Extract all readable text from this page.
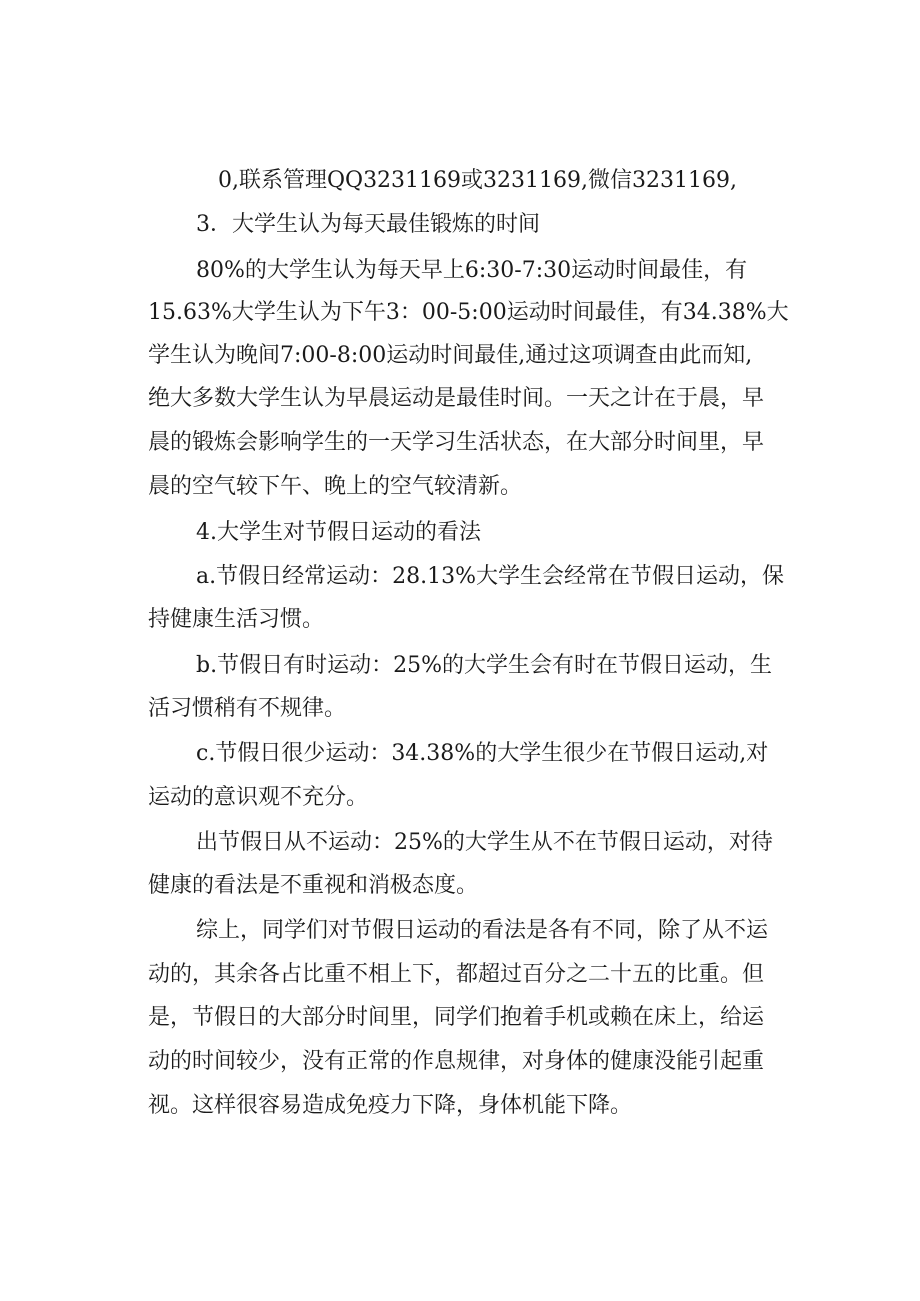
0,联系管理QQ3231169或3231169,微信3231169,
3．大学生认为每天最佳锻炼的时间
80%的大学生认为每天早上6:30-7:30运动时间最佳，有
15.63%大学生认为下午3：00-5:00运动时间最佳，有34.38%大
学生认为晚间7:00-8:00运动时间最佳,通过这项调查由此而知,
绝大多数大学生认为早晨运动是最佳时间。一天之计在于晨，早
晨的锻炼会影响学生的一天学习生活状态，在大部分时间里，早
晨的空气较下午、晚上的空气较清新。
4.大学生对节假日运动的看法
a.节假日经常运动：28.13%大学生会经常在节假日运动，保
持健康生活习惯。
b.节假日有时运动：25%的大学生会有时在节假日运动，生
活习惯稍有不规律。
c.节假日很少运动：34.38%的大学生很少在节假日运动,对
运动的意识观不充分。
出节假日从不运动：25%的大学生从不在节假日运动，对待
健康的看法是不重视和消极态度。
综上，同学们对节假日运动的看法是各有不同，除了从不运
动的，其余各占比重不相上下，都超过百分之二十五的比重。但
是，节假日的大部分时间里，同学们抱着手机或赖在床上，给运
动的时间较少，没有正常的作息规律，对身体的健康没能引起重
视。这样很容易造成免疫力下降，身体机能下降。
